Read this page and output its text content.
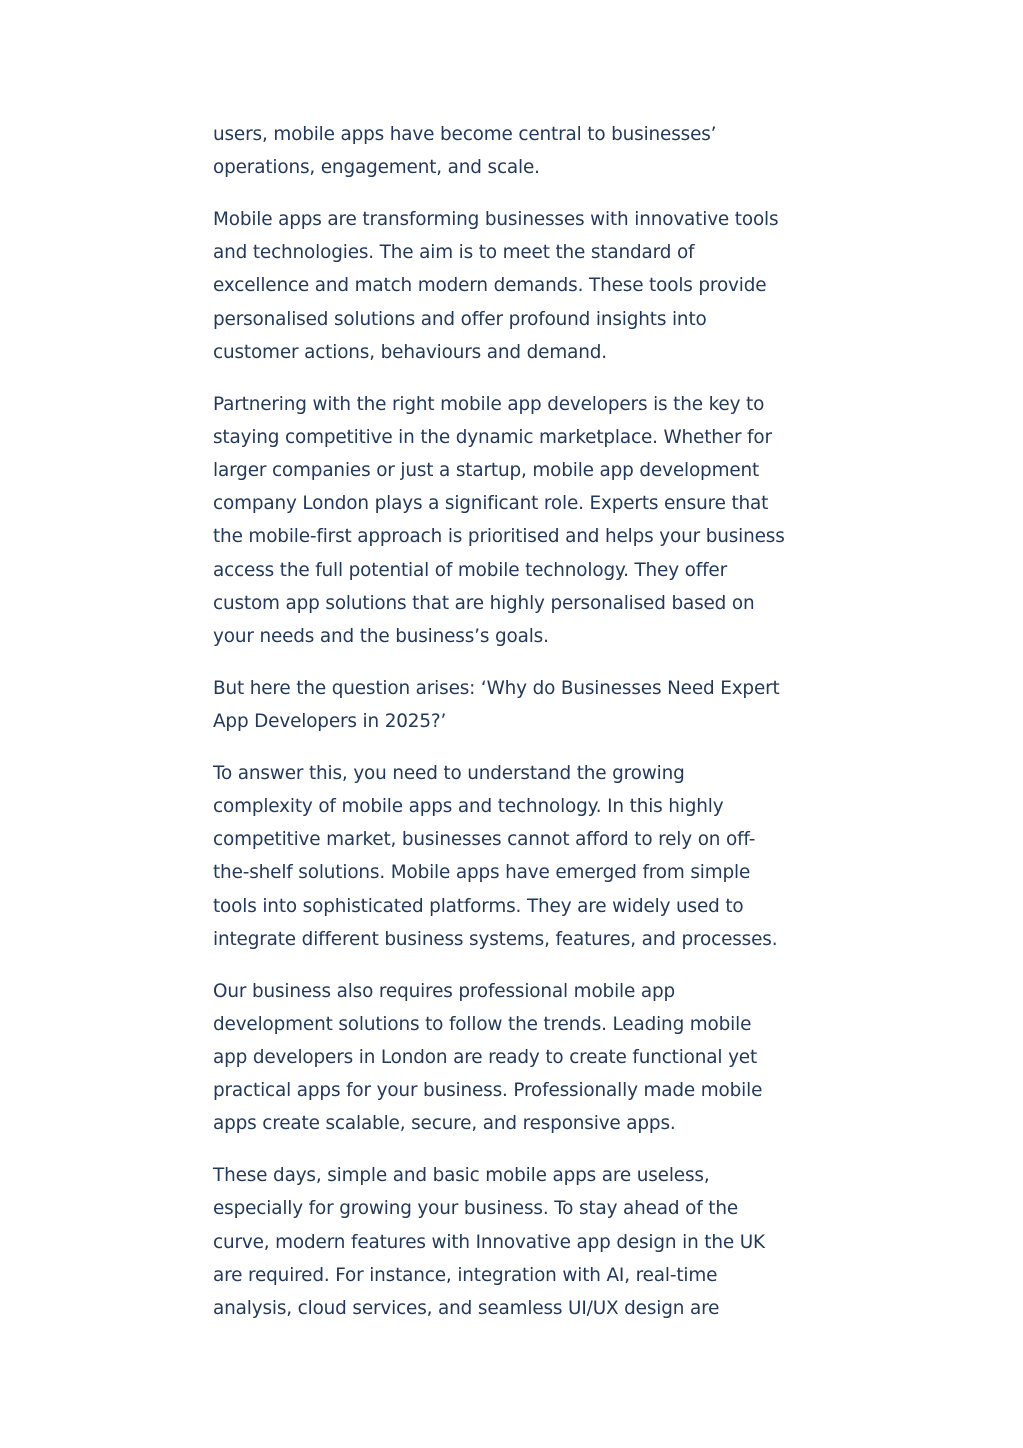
users, mobile apps have become central to businesses’
operations, engagement, and scale.

Mobile apps are transforming businesses with innovative tools
and technologies. The aim is to meet the standard of
excellence and match modern demands. These tools provide
personalised solutions and offer profound insights into
customer actions, behaviours and demand.

Partnering with the right mobile app developers is the key to
staying competitive in the dynamic marketplace. Whether for
larger companies or just a startup, mobile app development
company London plays a significant role. Experts ensure that
the mobile-first approach is prioritised and helps your business
access the full potential of mobile technology. They offer
custom app solutions that are highly personalised based on
your needs and the business’s goals.

But here the question arises: ‘Why do Businesses Need Expert
App Developers in 2025?’

To answer this, you need to understand the growing
complexity of mobile apps and technology. In this highly
competitive market, businesses cannot afford to rely on off-
the-shelf solutions. Mobile apps have emerged from simple
tools into sophisticated platforms. They are widely used to
integrate different business systems, features, and processes.

Our business also requires professional mobile app
development solutions to follow the trends. Leading mobile
app developers in London are ready to create functional yet
practical apps for your business. Professionally made mobile
apps create scalable, secure, and responsive apps.

These days, simple and basic mobile apps are useless,
especially for growing your business. To stay ahead of the
curve, modern features with Innovative app design in the UK
are required. For instance, integration with AI, real-time
analysis, cloud services, and seamless UI/UX design are
